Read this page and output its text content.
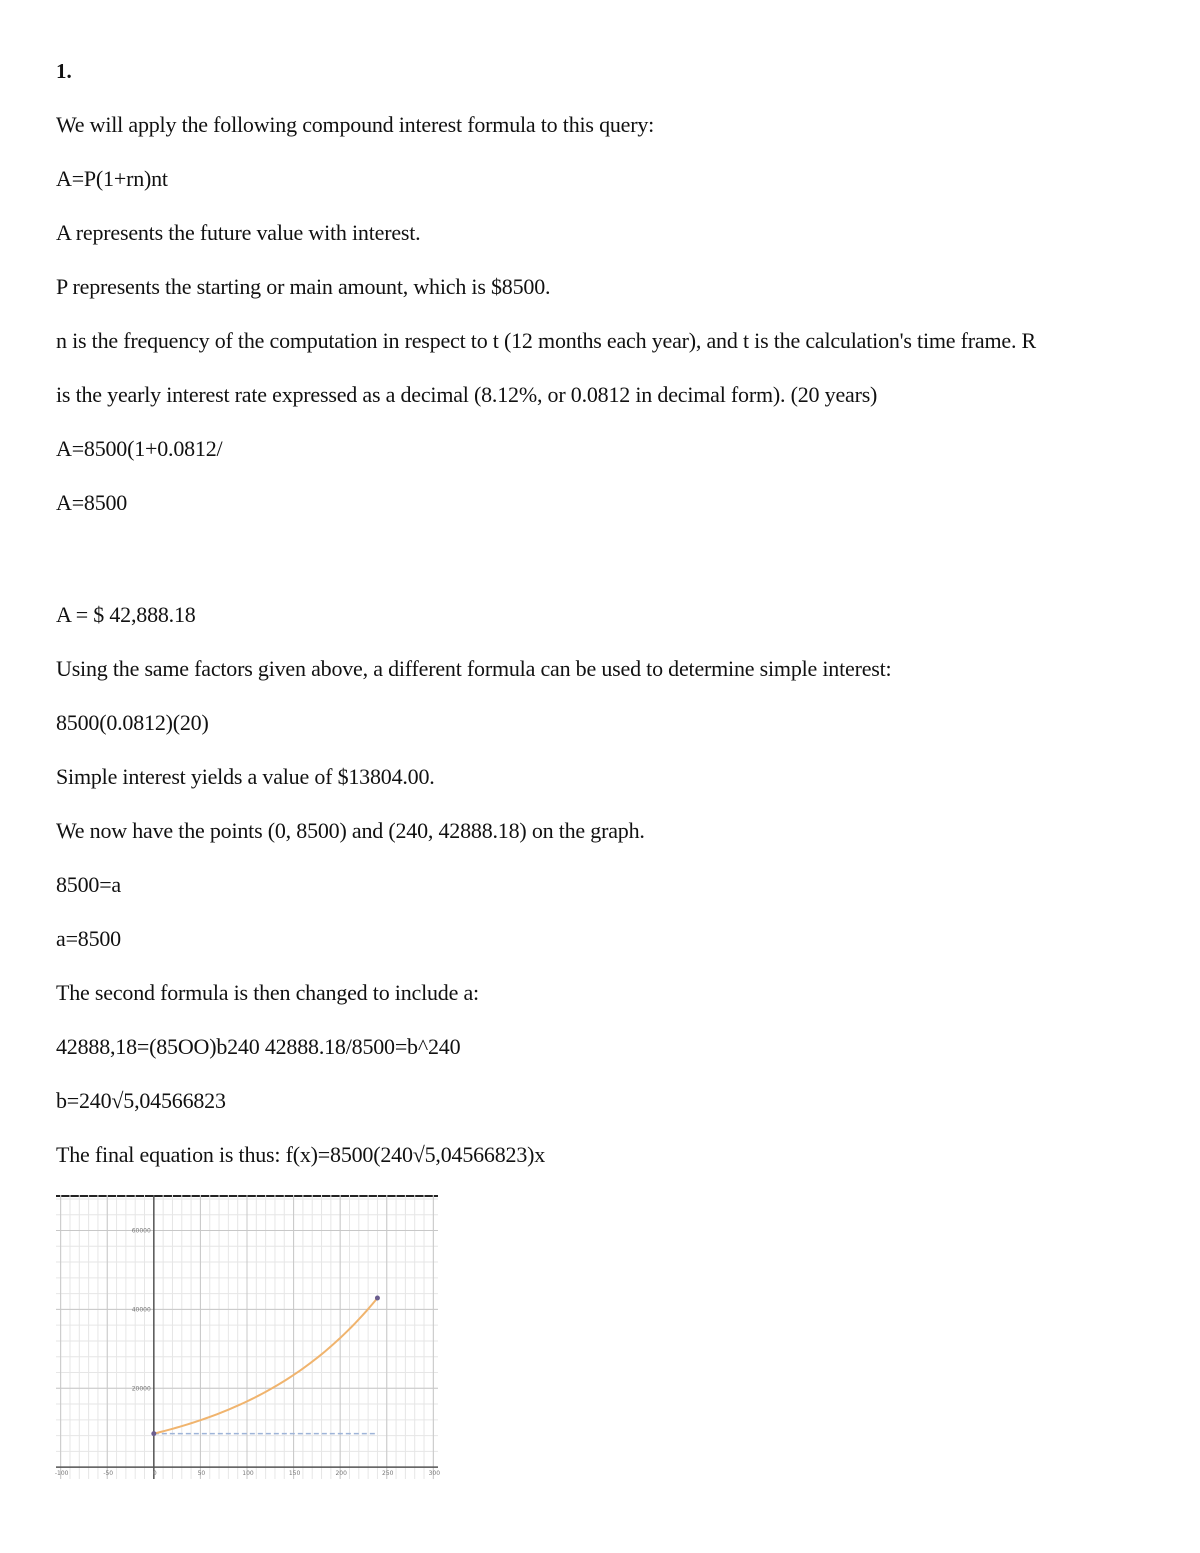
1.
We will apply the following compound interest formula to this query:
A=P(1+rn)nt
A represents the future value with interest.
P represents the starting or main amount, which is $8500.
n is the frequency of the computation in respect to t (12 months each year), and t is the calculation's time frame. R
is the yearly interest rate expressed as a decimal (8.12%, or 0.0812 in decimal form). (20 years)
A=8500(1+0.0812/
A=8500
A = $ 42,888.18
Using the same factors given above, a different formula can be used to determine simple interest:
8500(0.0812)(20)
Simple interest yields a value of $13804.00.
We now have the points (0, 8500) and (240, 42888.18) on the graph.
8500=a
a=8500
The second formula is then changed to include a:
42888,18=(85OO)b240 42888.18/8500=b^240
b=240√5,04566823
The final equation is thus: f(x)=8500(240√5,04566823)x
-100	-50	0	50	100	150	200	250	300
20000
40000
60000
